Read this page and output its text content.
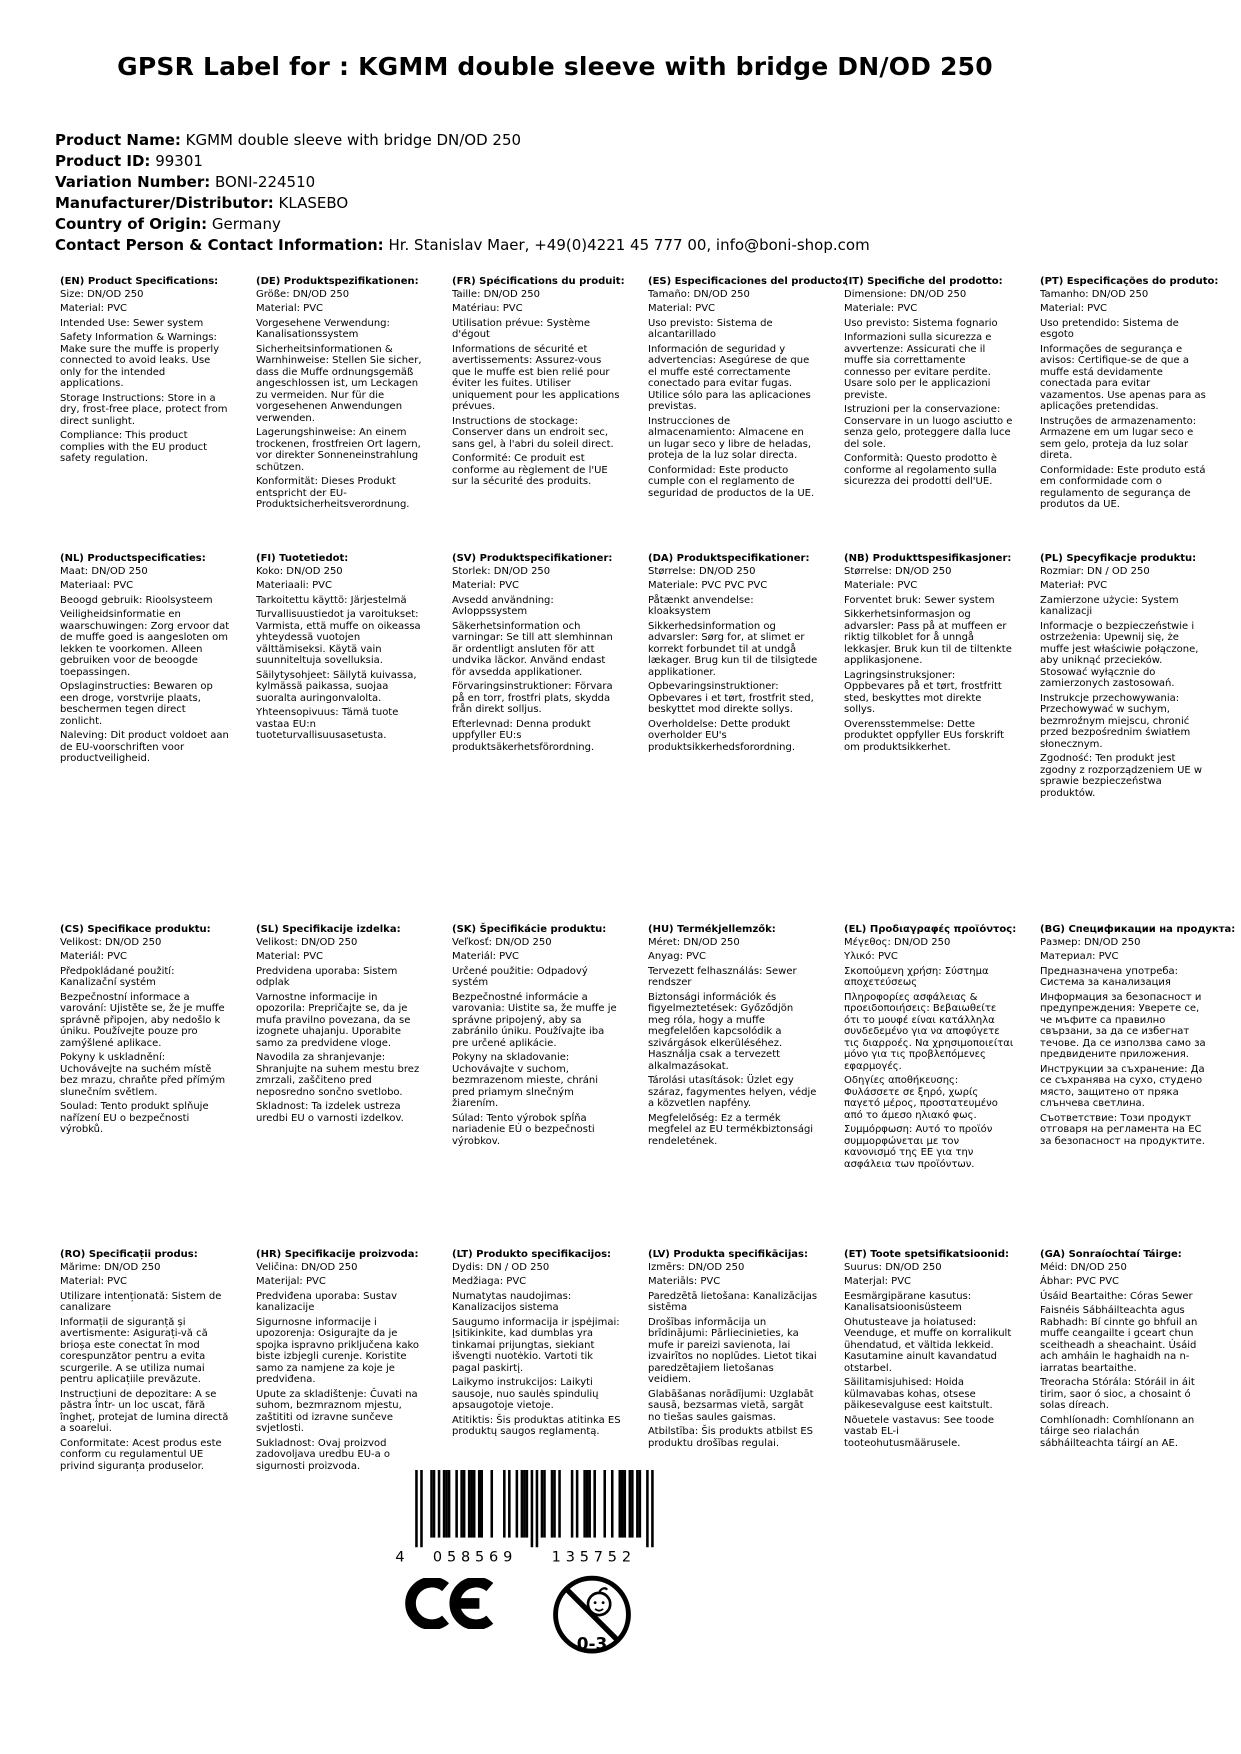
GPSR Label for : KGMM double sleeve with bridge DN/OD 250
Product Name: KGMM double sleeve with bridge DN/OD 250
Product ID: 99301
Variation Number: BONI-224510
Manufacturer/Distributor: KLASEBO
Country of Origin: Germany
Contact Person & Contact Information: Hr. Stanislav Maer, +49(0)4221 45 777 00, info@boni-shop.com
(EN) Product Specifications:

Size: DN/OD 250

Material: PVC

Intended Use: Sewer system

Safety Information & Warnings: Make sure the muffe is properly connected to avoid leaks. Use only for the intended applications.

Storage Instructions: Store in a dry, frost-free place, protect from direct sunlight.

Compliance: This product complies with the EU product safety regulation.

(DE) Produktspezifikationen:

Größe: DN/OD 250

Material: PVC

Vorgesehene Verwendung: Kanalisationssystem

Sicherheitsinformationen & Warnhinweise: Stellen Sie sicher, dass die Muffe ordnungsgemäß angeschlossen ist, um Leckagen zu vermeiden. Nur für die vorgesehenen Anwendungen verwenden.

Lagerungshinweise: An einem trockenen, frostfreien Ort lagern, vor direkter Sonneneinstrahlung schützen.

Konformität: Dieses Produkt entspricht der EU-Produktsicherheitsverordnung.

(FR) Spécifications du produit:

Taille: DN/OD 250

Matériau: PVC

Utilisation prévue: Système d'égout

Informations de sécurité et avertissements: Assurez-vous que le muffe est bien relié pour éviter les fuites. Utiliser uniquement pour les applications prévues.

Instructions de stockage: Conserver dans un endroit sec, sans gel, à l'abri du soleil direct.

Conformité: Ce produit est conforme au règlement de l'UE sur la sécurité des produits.

(ES) Especificaciones del producto:

Tamaño: DN/OD 250

Material: PVC

Uso previsto: Sistema de alcantarillado

Información de seguridad y advertencias: Asegúrese de que el muffe esté correctamente conectado para evitar fugas. Utilice sólo para las aplicaciones previstas.

Instrucciones de almacenamiento: Almacene en un lugar seco y libre de heladas, proteja de la luz solar directa.

Conformidad: Este producto cumple con el reglamento de seguridad de productos de la UE.

(IT) Specifiche del prodotto:

Dimensione: DN/OD 250

Materiale: PVC

Uso previsto: Sistema fognario

Informazioni sulla sicurezza e avvertenze: Assicurati che il muffe sia correttamente connesso per evitare perdite. Usare solo per le applicazioni previste.

Istruzioni per la conservazione: Conservare in un luogo asciutto e senza gelo, proteggere dalla luce del sole.

Conformità: Questo prodotto è conforme al regolamento sulla sicurezza dei prodotti dell'UE.

(PT) Especificações do produto:

Tamanho: DN/OD 250

Material: PVC

Uso pretendido: Sistema de esgoto

Informações de segurança e avisos: Certifique-se de que a muffe está devidamente conectada para evitar vazamentos. Use apenas para as aplicações pretendidas.

Instruções de armazenamento: Armazene em um lugar seco e sem gelo, proteja da luz solar direta.

Conformidade: Este produto está em conformidade com o regulamento de segurança de produtos da UE.

(NL) Productspecificaties:

Maat: DN/OD 250

Materiaal: PVC

Beoogd gebruik: Rioolsysteem

Veiligheidsinformatie en waarschuwingen: Zorg ervoor dat de muffe goed is aangesloten om lekken te voorkomen. Alleen gebruiken voor de beoogde toepassingen.

Opslaginstructies: Bewaren op een droge, vorstvrije plaats, beschermen tegen direct zonlicht.

Naleving: Dit product voldoet aan de EU-voorschriften voor productveiligheid.

(FI) Tuotetiedot:

Koko: DN/OD 250

Materiaali: PVC

Tarkoitettu käyttö: Järjestelmä

Turvallisuustiedot ja varoitukset: Varmista, että muffe on oikeassa yhteydessä vuotojen välttämiseksi. Käytä vain suunniteltuja sovelluksia.

Säilytysohjeet: Säilytä kuivassa, kylmässä paikassa, suojaa suoralta auringonvalolta.

Yhteensopivuus: Tämä tuote vastaa EU:n tuoteturvallisuusasetusta.

(SV) Produktspecifikationer:

Storlek: DN/OD 250

Material: PVC

Avsedd användning: Avloppssystem

Säkerhetsinformation och varningar: Se till att slemhinnan är ordentligt ansluten för att undvika läckor. Använd endast för avsedda applikationer.

Förvaringsinstruktioner: Förvara på en torr, frostfri plats, skydda från direkt solljus.

Efterlevnad: Denna produkt uppfyller EU:s produktsäkerhetsförordning.

(DA) Produktspecifikationer:

Størrelse: DN/OD 250

Materiale: PVC PVC PVC

Påtænkt anvendelse: kloaksystem

Sikkerhedsinformation og advarsler: Sørg for, at slimet er korrekt forbundet til at undgå lækager. Brug kun til de tilsigtede applikationer.

Opbevaringsinstruktioner: Opbevares i et tørt, frostfrit sted, beskyttet mod direkte sollys.

Overholdelse: Dette produkt overholder EU's produktsikkerhedsforordning.

(NB) Produkttspesifikasjoner:

Størrelse: DN/OD 250

Materiale: PVC

Forventet bruk: Sewer system

Sikkerhetsinformasjon og advarsler: Pass på at muffeen er riktig tilkoblet for å unngå lekkasjer. Bruk kun til de tiltenkte applikasjonene.

Lagringsinstruksjoner: Oppbevares på et tørt, frostfritt sted, beskyttes mot direkte sollys.

Overensstemmelse: Dette produktet oppfyller EUs forskrift om produktsikkerhet.

(PL) Specyfikacje produktu:

Rozmiar: DN / OD 250

Materiał: PVC

Zamierzone użycie: System kanalizacji

Informacje o bezpieczeństwie i ostrzeżenia: Upewnij się, że muffe jest właściwie połączone, aby uniknąć przecieków. Stosować wyłącznie do zamierzonych zastosowań.

Instrukcje przechowywania: Przechowywać w suchym, bezmroźnym miejscu, chronić przed bezpośrednim światłem słonecznym.

Zgodność: Ten produkt jest zgodny z rozporządzeniem UE w sprawie bezpieczeństwa produktów.

(CS) Specifikace produktu:

Velikost: DN/OD 250

Materiál: PVC

Předpokládané použití: Kanalizační systém

Bezpečnostní informace a varování: Ujistěte se, že je muffe správně připojen, aby nedošlo k úniku. Používejte pouze pro zamýšlené aplikace.

Pokyny k uskladnění: Uchovávejte na suchém místě bez mrazu, chraňte před přímým slunečním světlem.

Soulad: Tento produkt splňuje nařízení EU o bezpečnosti výrobků.

(SL) Specifikacije izdelka:

Velikost: DN/OD 250

Material: PVC

Predvidena uporaba: Sistem odplak

Varnostne informacije in opozorila: Prepričajte se, da je mufa pravilno povezana, da se izognete uhajanju. Uporabite samo za predvidene vloge.

Navodila za shranjevanje: Shranjujte na suhem mestu brez zmrzali, zaščiteno pred neposredno sončno svetlobo.

Skladnost: Ta izdelek ustreza uredbi EU o varnosti izdelkov.

(SK) Špecifikácie produktu:

Veľkosť: DN/OD 250

Materiál: PVC

Určené použitie: Odpadový systém

Bezpečnostné informácie a varovania: Uistite sa, že muffe je správne pripojený, aby sa zabránilo úniku. Používajte iba pre určené aplikácie.

Pokyny na skladovanie: Uchovávajte v suchom, bezmrazenom mieste, chráni pred priamym slnečným žiarením.

Súlad: Tento výrobok spĺňa nariadenie EÚ o bezpečnosti výrobkov.

(HU) Termékjellemzők:

Méret: DN/OD 250

Anyag: PVC

Tervezett felhasználás: Sewer rendszer

Biztonsági információk és figyelmeztetések: Győződjön meg róla, hogy a muffe megfelelően kapcsolódik a szivárgások elkerüléséhez. Használja csak a tervezett alkalmazásokat.

Tárolási utasítások: Üzlet egy száraz, fagymentes helyen, védje a közvetlen napfény.

Megfelelőség: Ez a termék megfelel az EU termékbiztonsági rendeletének.

(EL) Προδιαγραφές προϊόντος:

Μέγεθος: DN/OD 250

Υλικό: PVC

Σκοπούμενη χρήση: Σύστημα αποχετεύσεως

Πληροφορίες ασφάλειας & προειδοποιήσεις: Βεβαιωθείτε ότι το μουφέ είναι κατάλληλα συνδεδεμένο για να αποφύγετε τις διαρροές. Να χρησιμοποιείται μόνο για τις προβλεπόμενες εφαρμογές.

Οδηγίες αποθήκευσης: Φυλάσσετε σε ξηρό, χωρίς παγετό μέρος, προστατευμένο από το άμεσο ηλιακό φως.

Συμμόρφωση: Αυτό το προϊόν συμμορφώνεται με τον κανονισμό της ΕΕ για την ασφάλεια των προϊόντων.

(BG) Спецификации на продукта:

Размер: DN/OD 250

Материал: PVC

Предназначена употреба: Система за канализация

Информация за безопасност и предупреждения: Уверете се, че мъфите са правилно свързани, за да се избегнат течове. Да се използва само за предвидените приложения.

Инструкции за съхранение: Да се съхранява на сухо, студено място, защитено от пряка слънчева светлина.

Съответствие: Този продукт отговаря на регламента на ЕС за безопасност на продуктите.

(RO) Specificații produs:

Mărime: DN/OD 250

Material: PVC

Utilizare intenționată: Sistem de canalizare

Informații de siguranță și avertismente: Asigurați-vă că brioșa este conectat în mod corespunzător pentru a evita scurgerile. A se utiliza numai pentru aplicațiile prevăzute.

Instrucțiuni de depozitare: A se păstra într- un loc uscat, fără îngheț, protejat de lumina directă a soarelui.

Conformitate: Acest produs este conform cu regulamentul UE privind siguranța produselor.

(HR) Specifikacije proizvoda:

Veličina: DN/OD 250

Materijal: PVC

Predviđena uporaba: Sustav kanalizacije

Sigurnosne informacije i upozorenja: Osigurajte da je spojka ispravno priključena kako biste izbjegli curenje. Koristite samo za namjene za koje je predviđena.

Upute za skladištenje: Čuvati na suhom, bezmraznom mjestu, zaštititi od izravne sunčeve svjetlosti.

Sukladnost: Ovaj proizvod zadovoljava uredbu EU-a o sigurnosti proizvoda.

(LT) Produkto specifikacijos:

Dydis: DN / OD 250

Medžiaga: PVC

Numatytas naudojimas: Kanalizacijos sistema

Saugumo informacija ir įspėjimai: Įsitikinkite, kad dumblas yra tinkamai prijungtas, siekiant išvengti nuotėkio. Vartoti tik pagal paskirtį.

Laikymo instrukcijos: Laikyti sausoje, nuo saulės spindulių apsaugotoje vietoje.

Atitiktis: Šis produktas atitinka ES produktų saugos reglamentą.

(LV) Produkta specifikācijas:

Izmērs: DN/OD 250

Materiāls: PVC

Paredzētā lietošana: Kanalizācijas sistēma

Drošības informācija un brīdinājumi: Pārliecinieties, ka mufe ir pareizi savienota, lai izvairītos no noplūdes. Lietot tikai paredzētajiem lietošanas veidiem.

Glabāšanas norādījumi: Uzglabāt sausā, bezsarmas vietā, sargāt no tiešas saules gaismas.

Atbilstība: Šis produkts atbilst ES produktu drošības regulai.

(ET) Toote spetsifikatsioonid:

Suurus: DN/OD 250

Materjal: PVC

Eesmärgipärane kasutus: Kanalisatsioonisüsteem

Ohutusteave ja hoiatused: Veenduge, et muffe on korralikult ühendatud, et vältida lekkeid. Kasutamine ainult kavandatud otstarbel.

Säilitamisjuhised: Hoida külmavabas kohas, otsese päikesevalguse eest kaitstult.

Nõuetele vastavus: See toode vastab EL-i tooteohutusmäärusele.

(GA) Sonraíochtaí Táirge:

Méid: DN/OD 250

Ábhar: PVC PVC

Úsáid Beartaithe: Córas Sewer

Faisnéis Sábháilteachta agus Rabhadh: Bí cinnte go bhfuil an muffe ceangailte i gceart chun sceitheadh a sheachaint. Úsáid ach amháin le haghaidh na n-iarratas beartaithe.

Treoracha Stórála: Stóráil in áit tirim, saor ó sioc, a chosaint ó solas díreach.

Comhlíonadh: Comhlíonann an táirge seo rialachán sábháilteachta táirgí an AE.

4 058569 135752
0-3
